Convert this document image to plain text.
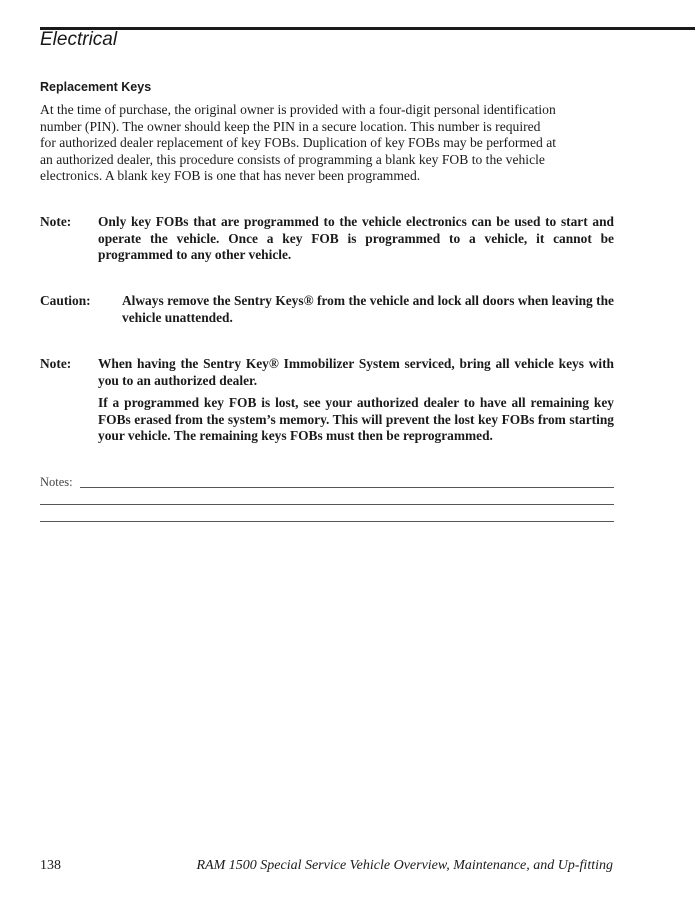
Electrical
Replacement Keys
At the time of purchase, the original owner is provided with a four-digit personal identification
number (PIN). The owner should keep the PIN in a secure location. This number is required
for authorized dealer replacement of key FOBs. Duplication of key FOBs may be performed at
an authorized dealer, this procedure consists of programming a blank key FOB to the vehicle
electronics. A blank key FOB is one that has never been programmed.
Note: Only key FOBs that are programmed to the vehicle electronics can be used to start and operate the vehicle. Once a key FOB is programmed to a vehicle, it cannot be programmed to any other vehicle.

Caution: Always remove the Sentry Keys® from the vehicle and lock all doors when leaving the vehicle unattended.

Note: When having the Sentry Key® Immobilizer System serviced, bring all vehicle keys with you to an authorized dealer.

If a programmed key FOB is lost, see your authorized dealer to have all remaining key FOBs erased from the system’s memory. This will prevent the lost key FOBs from starting your vehicle. The remaining keys FOBs must then be reprogrammed.

Notes:
138	RAM 1500 Special Service Vehicle Overview, Maintenance, and Up-fitting
